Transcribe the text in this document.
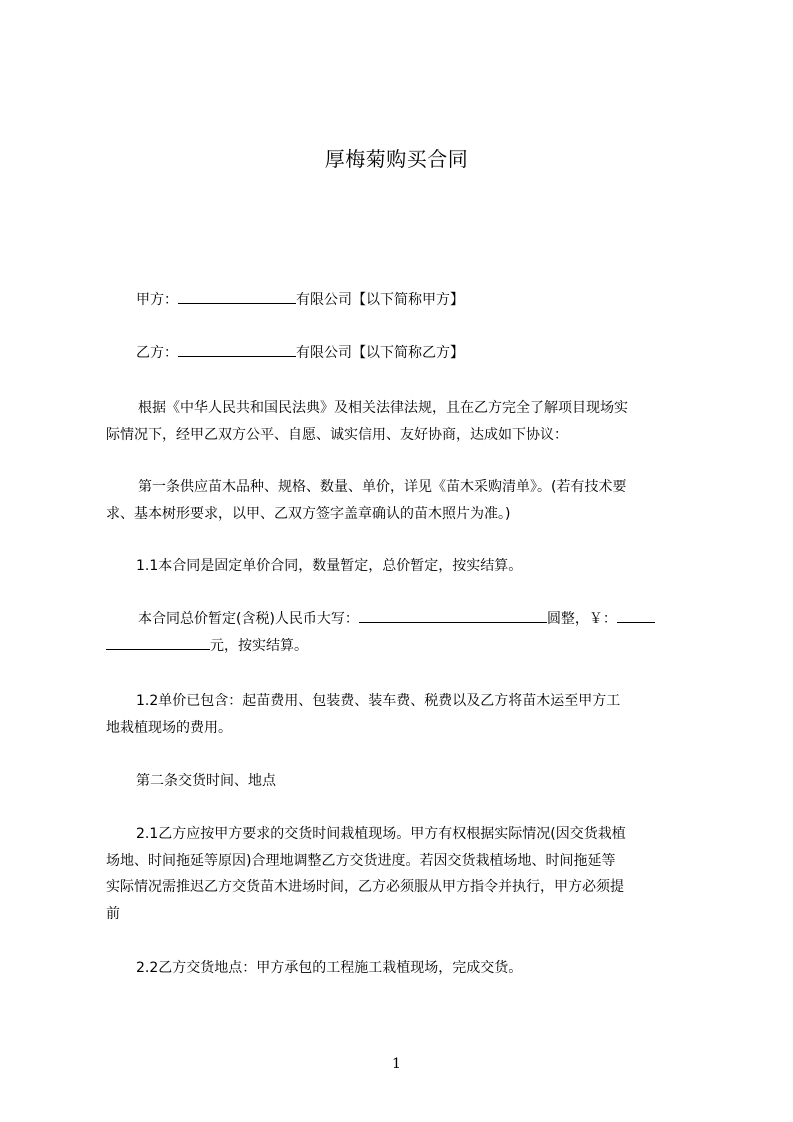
厚梅菊购买合同
甲方：	有限公司【以下简称甲方】
乙方：	有限公司【以下简称乙方】
根据《中华人民共和国民法典》及相关法律法规，且在乙方完全了解项目现场实
际情况下，经甲乙双方公平、自愿、诚实信用、友好协商，达成如下协议：
第一条供应苗木品种、规格、数量、单价，详见《苗木采购清单》。(若有技术要
求、基本树形要求，以甲、乙双方签字盖章确认的苗木照片为准。)
1.1本合同是固定单价合同，数量暂定，总价暂定，按实结算。
本合同总价暂定(含税)人民币大写：	圆整，￥：
元，按实结算。
1.2单价已包含：起苗费用、包装费、装车费、税费以及乙方将苗木运至甲方工
地栽植现场的费用。
第二条交货时间、地点
2.1乙方应按甲方要求的交货时间栽植现场。甲方有权根据实际情况(因交货栽植
场地、时间拖延等原因)合理地调整乙方交货进度。若因交货栽植场地、时间拖延等
实际情况需推迟乙方交货苗木进场时间，乙方必须服从甲方指令并执行，甲方必须提
前
2.2乙方交货地点：甲方承包的工程施工栽植现场，完成交货。
1
